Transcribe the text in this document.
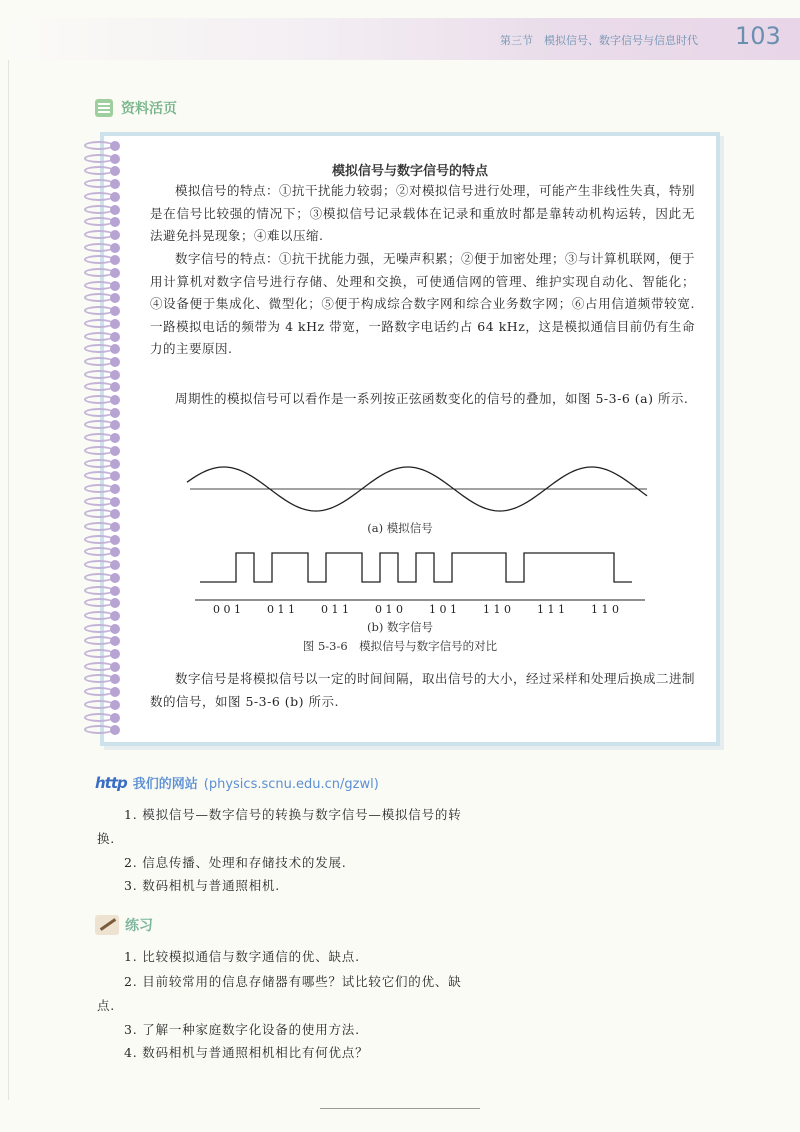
第三节　模拟信号、数字信号与信息时代 103
资料活页
模拟信号与数字信号的特点

模拟信号的特点：①抗干扰能力较弱；②对模拟信号进行处理，可能产生非线性失真，特别是在信号比较强的情况下；③模拟信号记录载体在记录和重放时都是靠转动机构运转，因此无法避免抖晃现象；④难以压缩.

数字信号的特点：①抗干扰能力强，无噪声积累；②便于加密处理；③与计算机联网，便于用计算机对数字信号进行存储、处理和交换，可使通信网的管理、维护实现自动化、智能化；④设备便于集成化、微型化；⑤便于构成综合数字网和综合业务数字网；⑥占用信道频带较宽. 一路模拟电话的频带为 4 kHz 带宽，一路数字电话约占 64 kHz，这是模拟通信目前仍有生命力的主要原因.

周期性的模拟信号可以看作是一系列按正弦函数变化的信号的叠加，如图 5-3-6 (a) 所示.

(a) 模拟信号
0 0 1 0 1 1 0 1 1 0 1 0 1 0 1 1 1 0 1 1 1 1 1 0
(b) 数字信号
图 5-3-6　模拟信号与数字信号的对比

数字信号是将模拟信号以一定的时间间隔，取出信号的大小，经过采样和处理后换成二进制数的信号，如图 5-3-6 (b) 所示.

http 我们的网站 (physics.scnu.edu.cn/gzwl)
1. 模拟信号—数字信号的转换与数字信号—模拟信号的转
换.
2. 信息传播、处理和存储技术的发展.
3. 数码相机与普通照相机.
练习
1. 比较模拟通信与数字通信的优、缺点.
2. 目前较常用的信息存储器有哪些？试比较它们的优、缺
点.
3. 了解一种家庭数字化设备的使用方法.
4. 数码相机与普通照相机相比有何优点？
